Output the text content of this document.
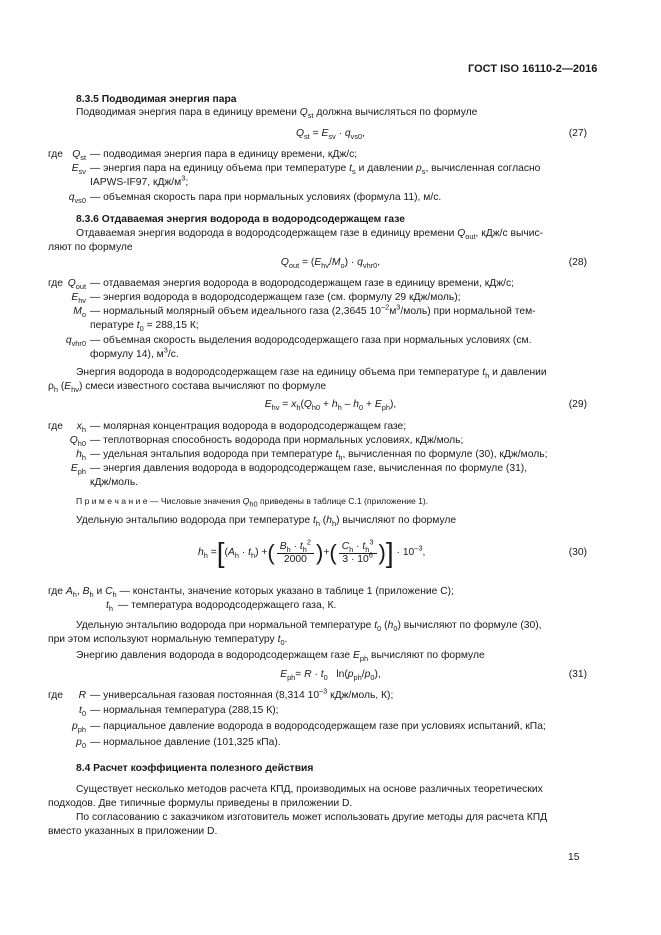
ГОСТ ISO 16110-2—2016
8.3.5 Подводимая энергия пара
Подводимая энергия пара в единицу времени $Q_{st}$ должна вычисляться по формуле
$Q_{st} = E_{sv} \cdot q_{vs0}$,	(27)
где $Q_{st}$ — подводимая энергия пара в единицу времени, кДж/с;
$E_{sv}$ — энергия пара на единицу объема при температуре $t_s$ и давлении $p_s$, вычисленная согласно
IAPWS-IF97, кДж/$м^3$;
$q_{vs0}$ — объемная скорость пара при нормальных условиях (формула 11), м/с.
8.3.6 Отдаваемая энергия водорода в водородсодержащем газе
Отдаваемая энергия водорода в водородсодержащем газе в единицу времени $Q_{out}$, кДж/с вычис-
ляют по формуле
$Q_{out} = (E_{hv}/M_o) \cdot q_{vhr0}$,	(28)
где $Q_{out}$ — отдаваемая энергия водорода в водородсодержащем газе в единицу времени, кДж/с;
$E_{hv}$ — энергия водорода в водородсодержащем газе (см. формулу 29 кДж/моль);
$M_o$ — нормальный молярный объем идеального газа (2,3645 $10^{-2}м^3/моль$) при нормальной тем-
пературе $t_0 = 288,15$ К;
$q_{vhr0}$ — объемная скорость выделения водородсодержащего газа при нормальных условиях (см.
формулу 14), $м^3/с$.
Энергия водорода в водородсодержащем газе на единицу объема при температуре $t_h$ и давлении
$\rho_h$ $(E_{hv})$ смеси известного состава вычисляют по формуле
$E_{hv} = x_h(Q_{h0} + h_h - h_0 + E_{ph})$,	(29)
где	$x_h$ — молярная концентрация водорода в водородсодержащем газе;
$Q_{h0}$ — теплотворная способность водорода при нормальных условиях, кДж/моль;
$h_h$ — удельная энтальпия водорода при температуре $t_h$, вычисленная по формуле (30), кДж/моль;
$E_{ph}$ — энергия давления водорода в водородсодержащем газе, вычисленная по формуле (31),
кДж/моль.
П р и м е ч а н и е — Числовые значения $Q_{h0}$ приведены в таблице С.1 (приложение 1).
Удельную энтальпию водорода при температуре $t_h$ $(h_h)$ вычисляют по формуле
$h_h$ = [ $(A_h \cdot t_h)$ + ( $\frac{B_h \cdot t_h^2}{2000}$ ) + ( $\frac{C_h \cdot t_h^3}{3 \cdot 10^6}$ ) ] · $10^{-3}$,	(30)
где $A_h$, $B_h$ и $C_h$ — константы, значение которых указано в таблице 1 (приложение С);
$t_h$ — температура водородсодержащего газа, К.
Удельную энтальпию водорода при нормальной температуре $t_0$ $(h_0)$ вычисляют по формуле (30),
при этом используют нормальную температуру $t_0$.
Энергию давления водорода в водородсодержащем газе $E_{ph}$ вычисляют по формуле
$E_{ph}= R \cdot t_0$   $\ln(p_{ph}/p_0)$,	(31)
где	R — универсальная газовая постоянная (8,314 $10^{-3}$ кДж/моль, К);
$t_0$ — нормальная температура (288,15 К);
$p_{ph}$ — парциальное давление водорода в водородсодержащем газе при условиях испытаний, кПа;
$p_0$ — нормальное давление (101,325 кПа).
8.4 Расчет коэффициента полезного действия
Существует несколько методов расчета КПД, производимых на основе различных теоретических
подходов. Две типичные формулы приведены в приложении D.
По согласованию с заказчиком изготовитель может использовать другие методы для расчета КПД
вместо указанных в приложении D.
15
